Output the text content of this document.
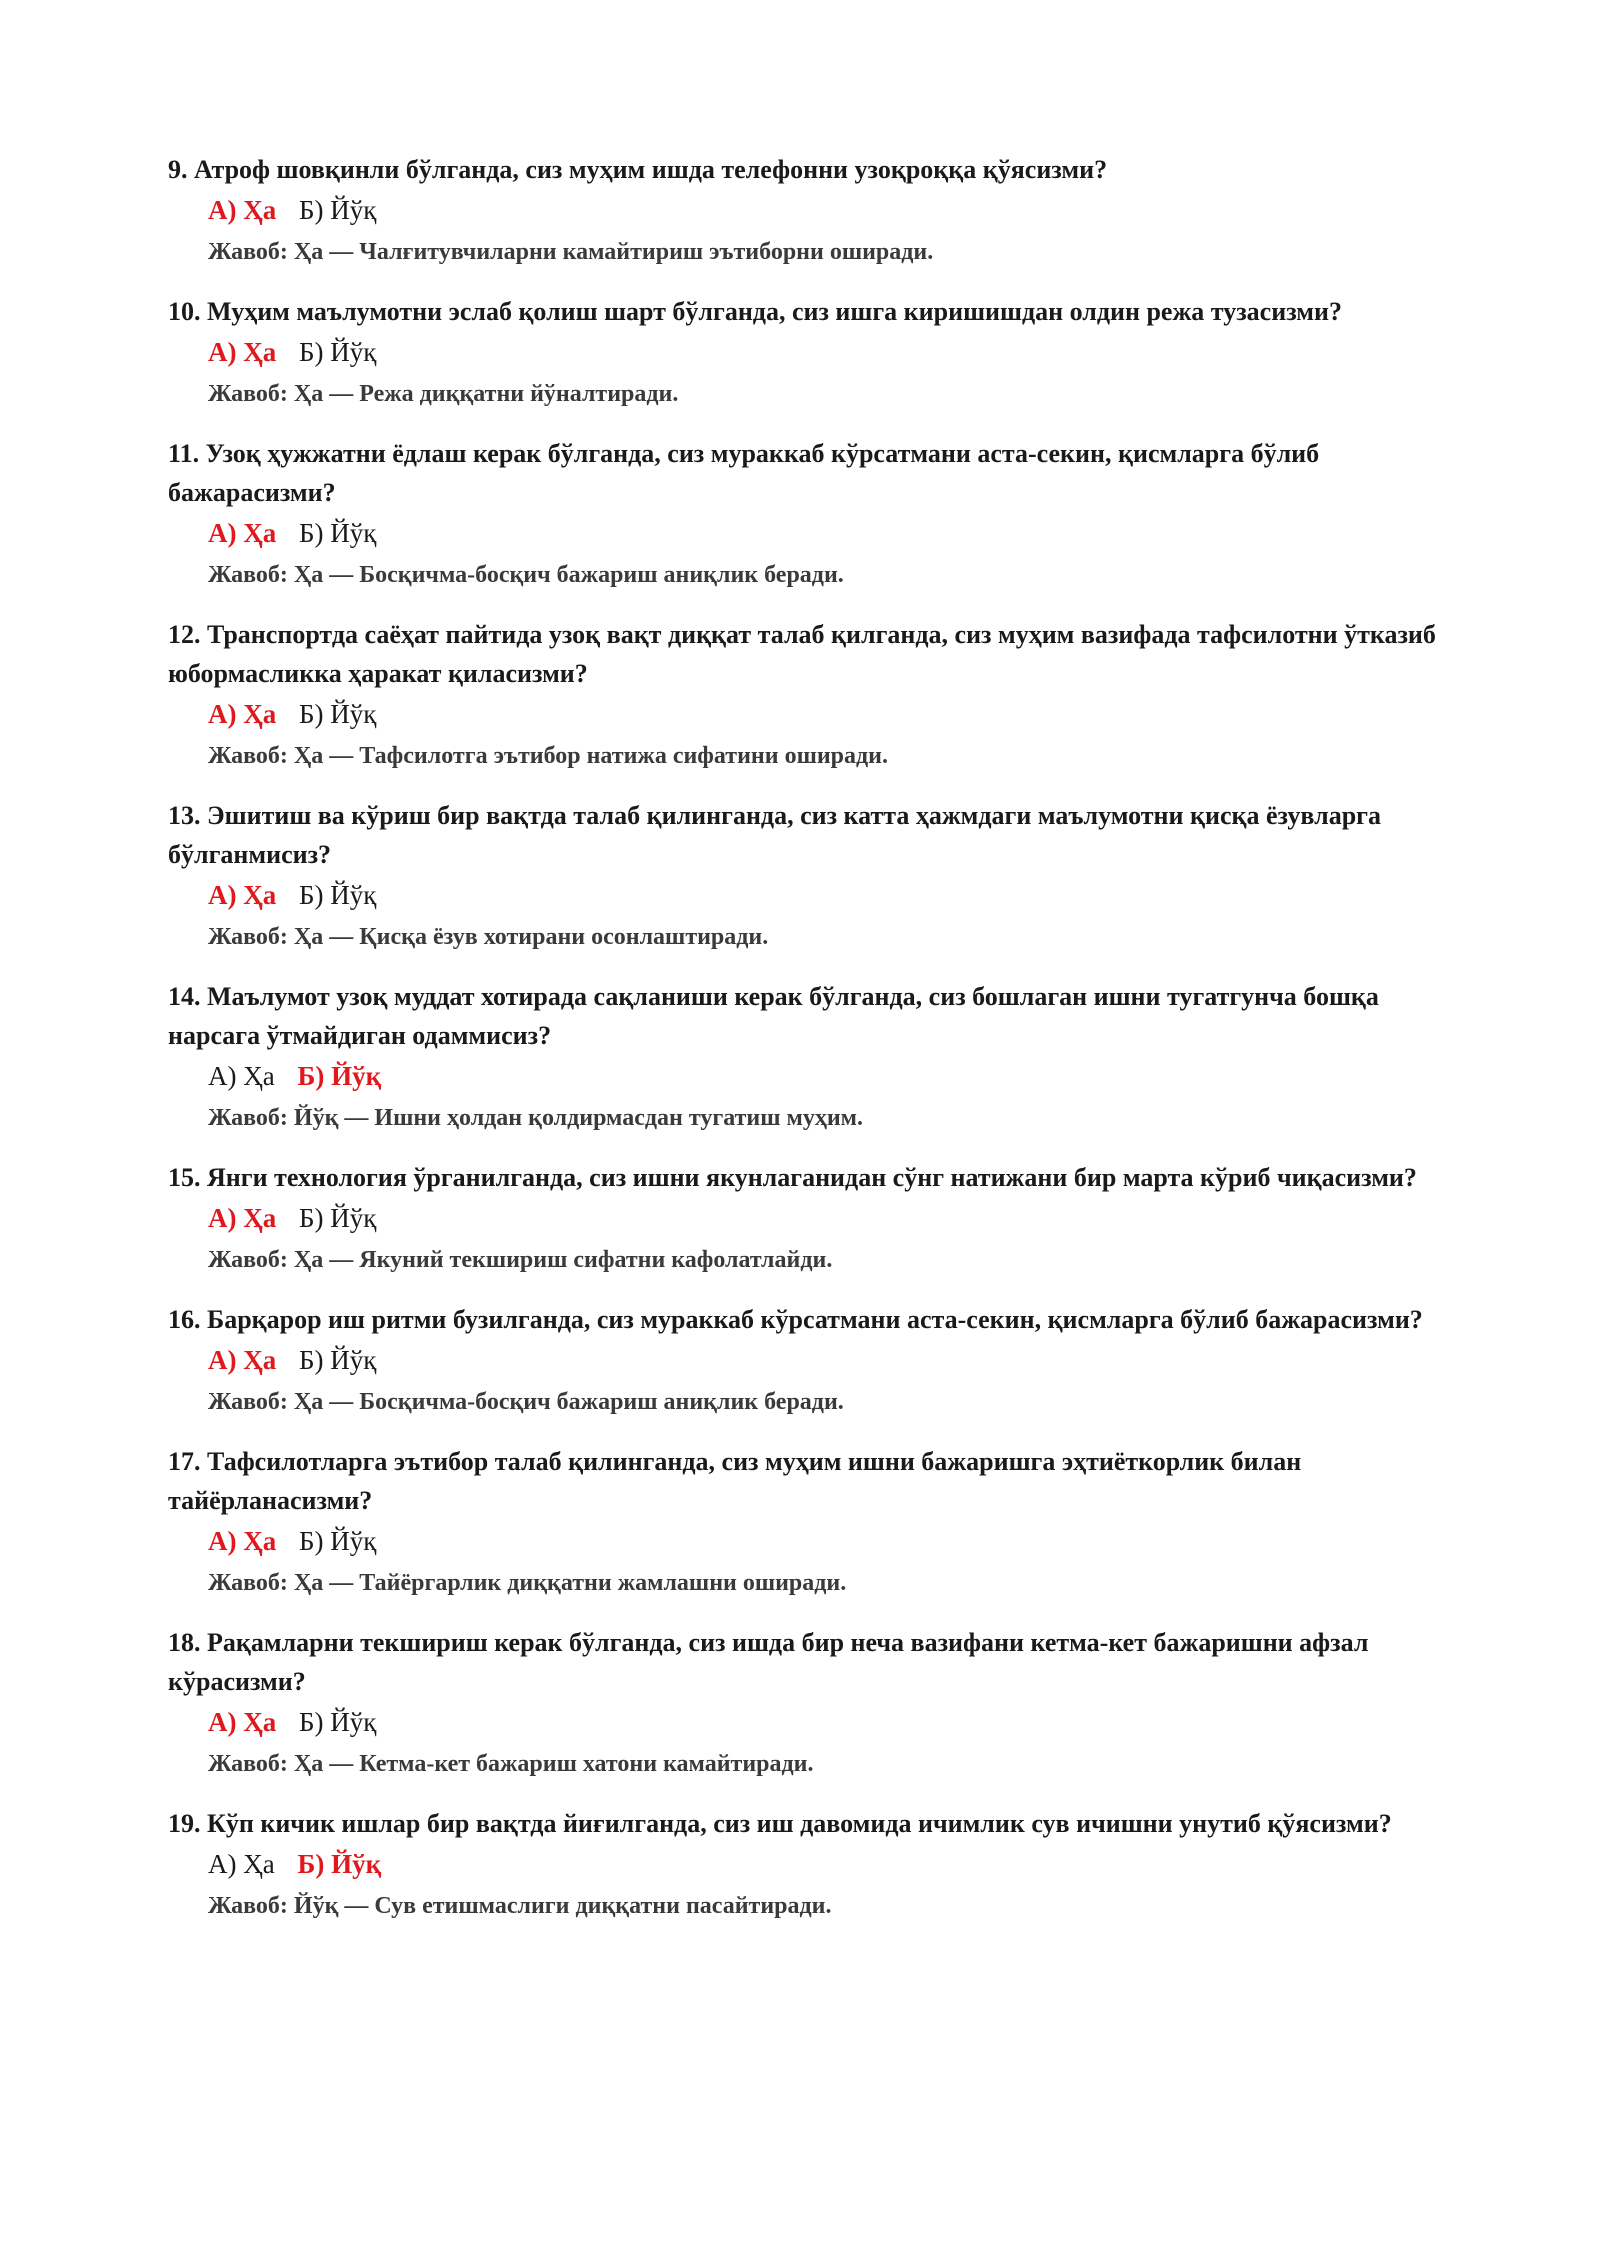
9. Атроф шовқинли бўлганда, сиз муҳим ишда телефонни узоқроққа қўясизми?

А) Ҳа Б) Йўқ

Жавоб: Ҳа — Чалғитувчиларни камайтириш эътиборни оширади.

10. Муҳим маълумотни эслаб қолиш шарт бўлганда, сиз ишга киришишдан олдин режа тузасизми?

А) Ҳа Б) Йўқ

Жавоб: Ҳа — Режа диққатни йўналтиради.

11. Узоқ ҳужжатни ёдлаш керак бўлганда, сиз мураккаб кўрсатмани аста-секин, қисмларга бўлиб бажарасизми?

А) Ҳа Б) Йўқ

Жавоб: Ҳа — Босқичма-босқич бажариш аниқлик беради.

12. Транспортда саёҳат пайтида узоқ вақт диққат талаб қилганда, сиз муҳим вазифада тафсилотни ўтказиб юбормасликка ҳаракат қиласизми?

А) Ҳа Б) Йўқ

Жавоб: Ҳа — Тафсилотга эътибор натижа сифатини оширади.

13. Эшитиш ва кўриш бир вақтда талаб қилинганда, сиз катта ҳажмдаги маълумотни қисқа ёзувларга бўлганмисиз?

А) Ҳа Б) Йўқ

Жавоб: Ҳа — Қисқа ёзув хотирани осонлаштиради.

14. Маълумот узоқ муддат хотирада сақланиши керак бўлганда, сиз бошлаган ишни тугатгунча бошқа нарсага ўтмайдиган одаммисиз?

А) Ҳа Б) Йўқ

Жавоб: Йўқ — Ишни ҳолдан қолдирмасдан тугатиш муҳим.

15. Янги технология ўрганилганда, сиз ишни якунлаганидан сўнг натижани бир марта кўриб чиқасизми?

А) Ҳа Б) Йўқ

Жавоб: Ҳа — Якуний текшириш сифатни кафолатлайди.

16. Барқарор иш ритми бузилганда, сиз мураккаб кўрсатмани аста-секин, қисмларга бўлиб бажарасизми?

А) Ҳа Б) Йўқ

Жавоб: Ҳа — Босқичма-босқич бажариш аниқлик беради.

17. Тафсилотларга эътибор талаб қилинганда, сиз муҳим ишни бажаришга эҳтиёткорлик билан тайёрланасизми?

А) Ҳа Б) Йўқ

Жавоб: Ҳа — Тайёргарлик диққатни жамлашни оширади.

18. Рақамларни текшириш керак бўлганда, сиз ишда бир неча вазифани кетма-кет бажаришни афзал кўрасизми?

А) Ҳа Б) Йўқ

Жавоб: Ҳа — Кетма-кет бажариш хатони камайтиради.

19. Кўп кичик ишлар бир вақтда йиғилганда, сиз иш давомида ичимлик сув ичишни унутиб қўясизми?

А) Ҳа Б) Йўқ

Жавоб: Йўқ — Сув етишмаслиги диққатни пасайтиради.
